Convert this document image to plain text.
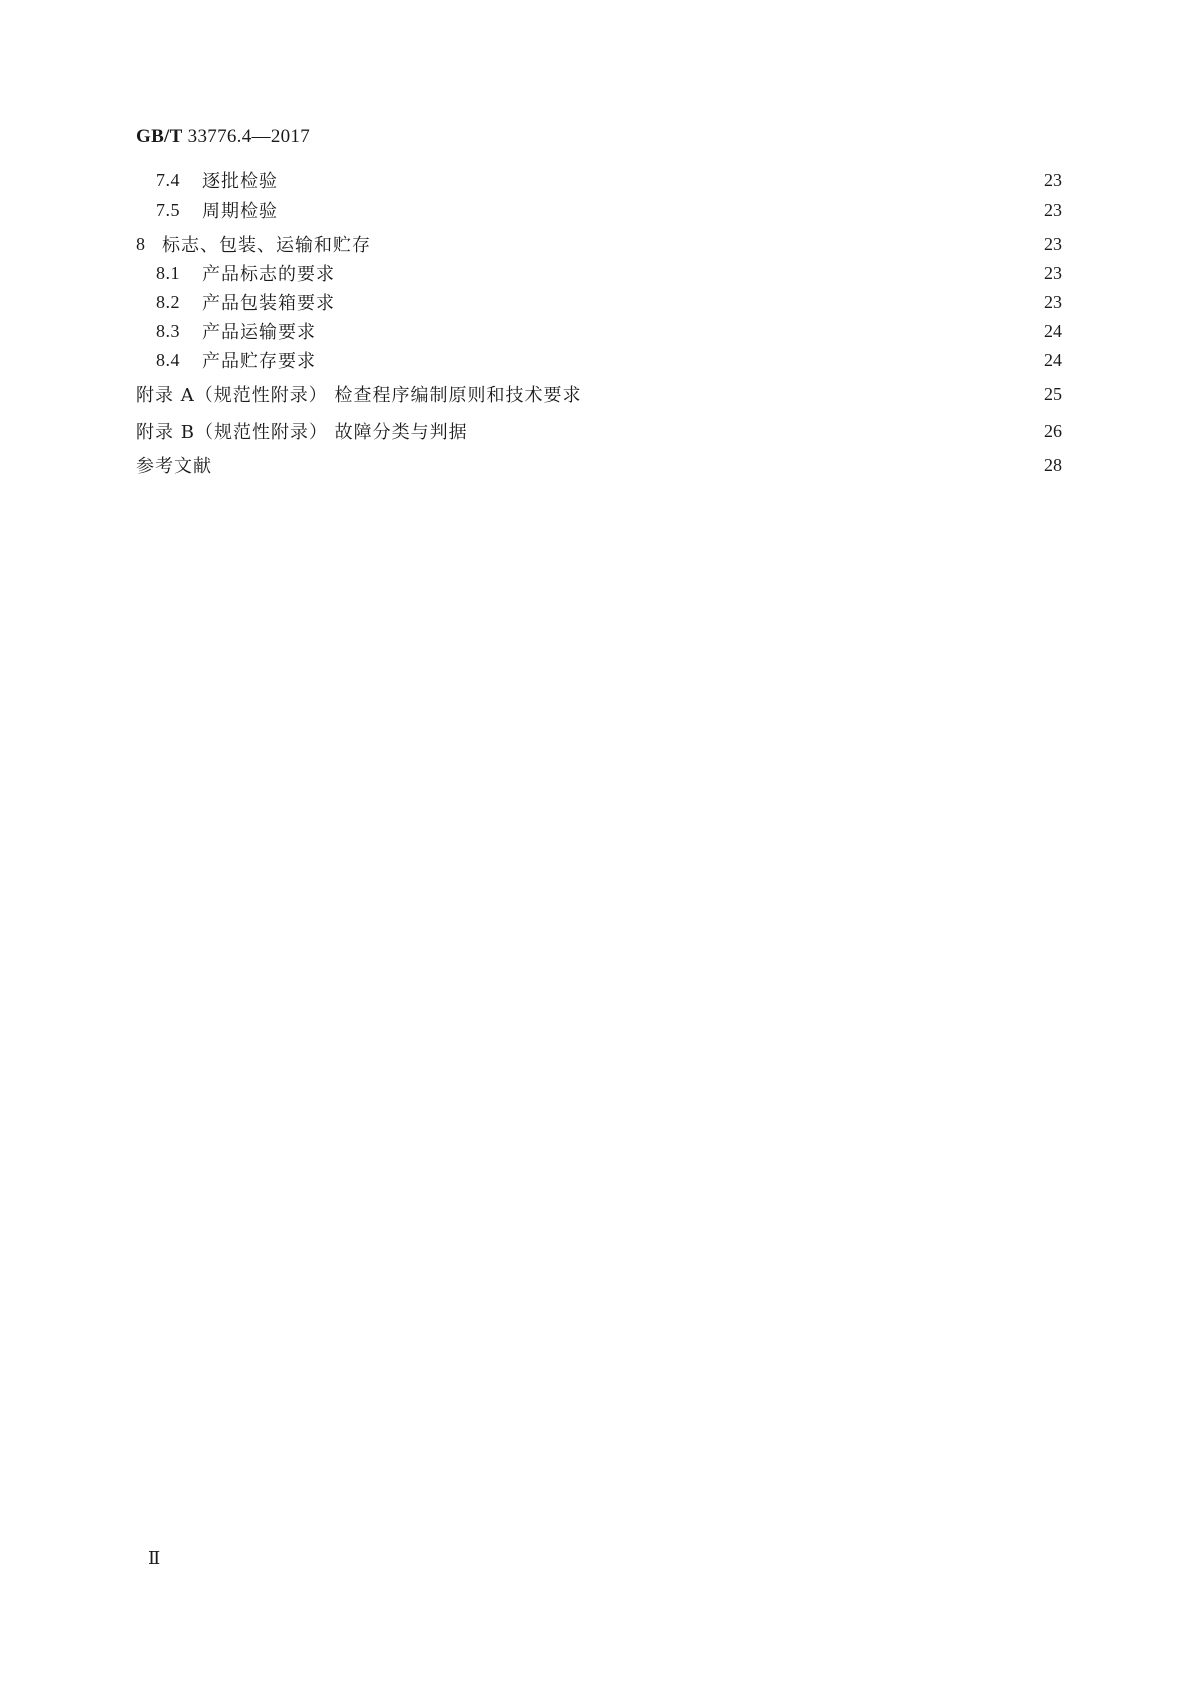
GB/T 33776.4—2017
7.4	逐批检验	23
7.5	周期检验	23
8 标志、包装、运输和贮存	23
8.1	产品标志的要求	23
8.2	产品包装箱要求	23
8.3	产品运输要求	24
8.4	产品贮存要求	24
附录 A（规范性附录） 检查程序编制原则和技术要求	25
附录 B（规范性附录） 故障分类与判据	26
参考文献	28
Ⅱ
